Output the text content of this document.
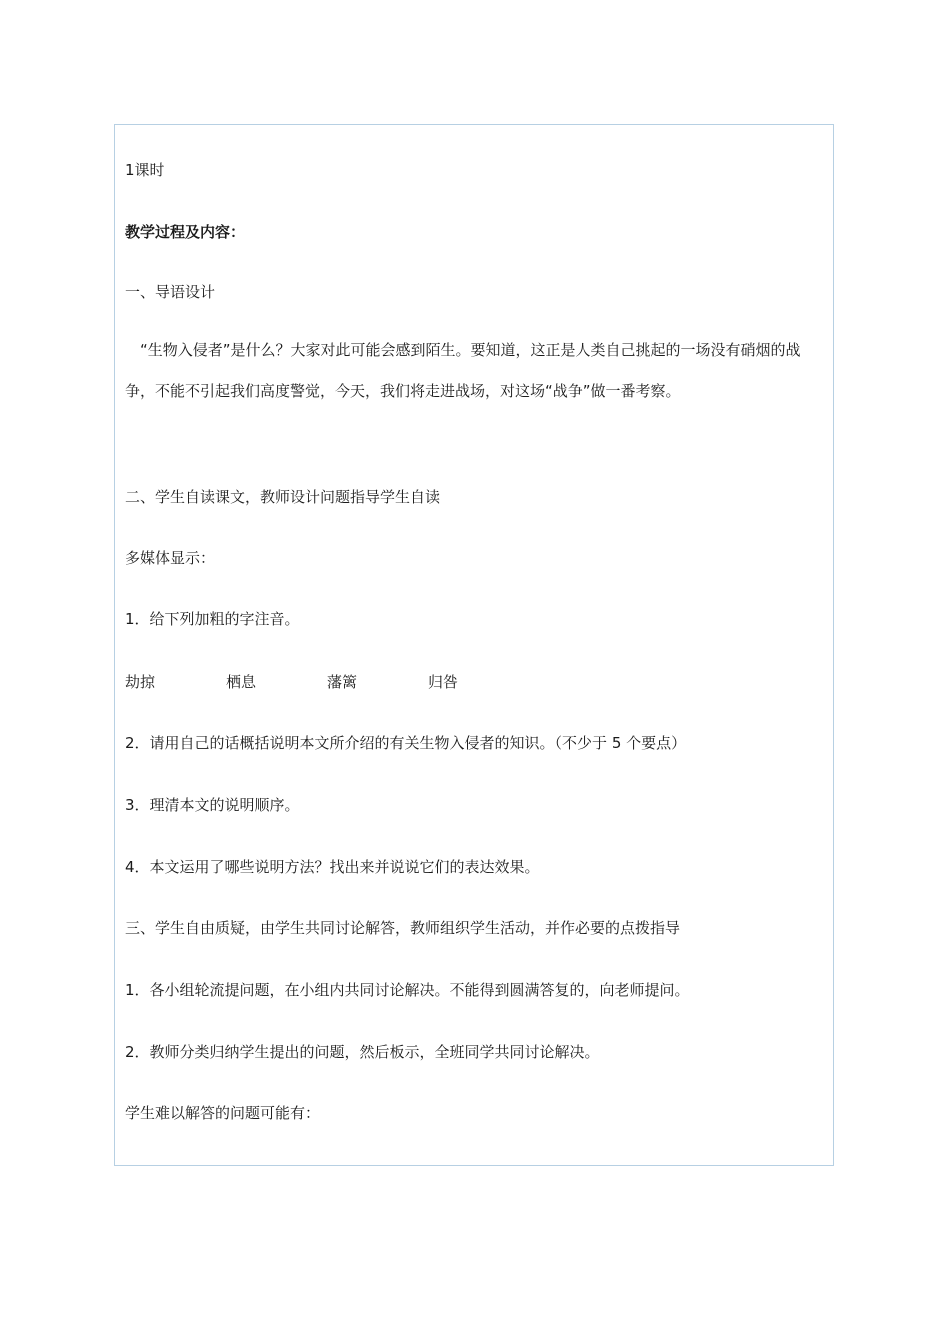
1课时
教学过程及内容：
一、导语设计
“生物入侵者”是什么？大家对此可能会感到陌生。要知道，这正是人类自己挑起的一场没有硝烟的战争，不能不引起我们高度警觉，今天，我们将走进战场，对这场“战争”做一番考察。
二、学生自读课文，教师设计问题指导学生自读
多媒体显示：
1．给下列加粗的字注音。
劫掠	栖息	藩篱	归咎
2．请用自己的话概括说明本文所介绍的有关生物入侵者的知识。（不少于 5 个要点）
3．理清本文的说明顺序。
4．本文运用了哪些说明方法？找出来并说说它们的表达效果。
三、学生自由质疑，由学生共同讨论解答，教师组织学生活动，并作必要的点拨指导
1．各小组轮流提问题，在小组内共同讨论解决。不能得到圆满答复的，向老师提问。
2．教师分类归纳学生提出的问题，然后板示，全班同学共同讨论解决。
学生难以解答的问题可能有：
